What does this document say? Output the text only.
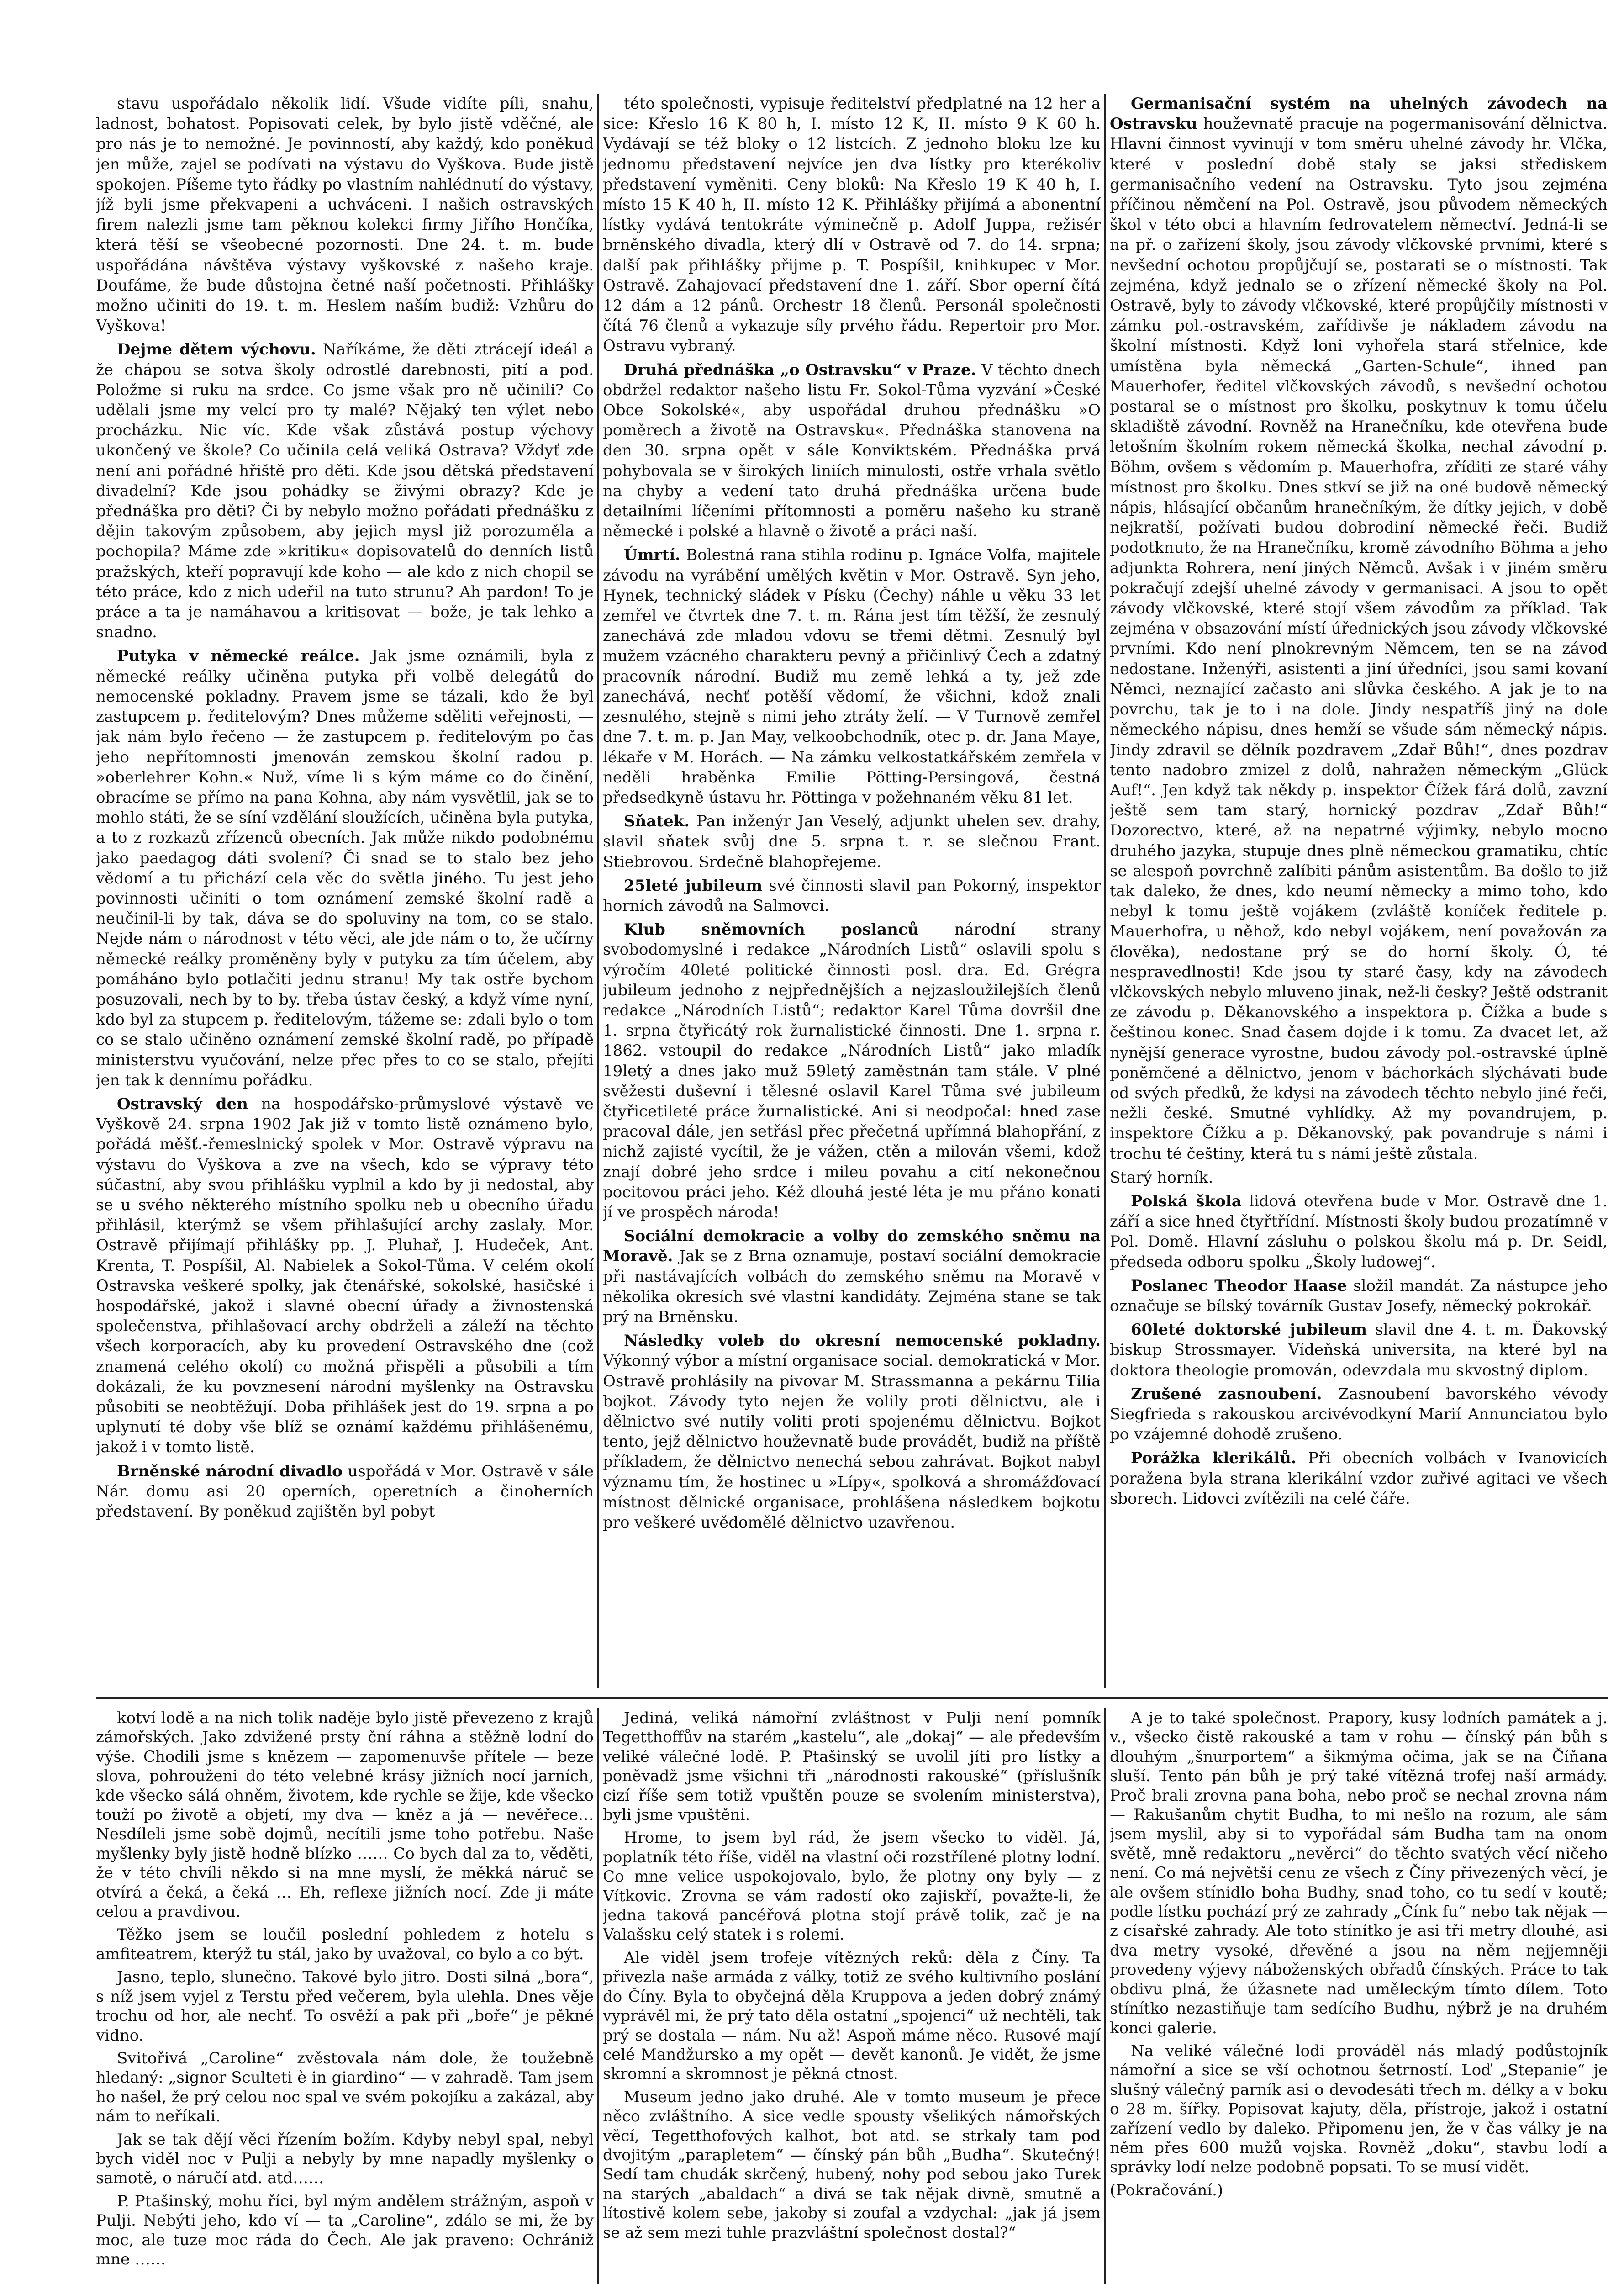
stavu uspořádalo několik lidí. Všude vidíte píli, snahu, ladnost, bohatost. Popisovati celek, by bylo jistě vděčné, ale pro nás je to nemožné. Je povinností, aby každý, kdo poněkud jen může, zajel se podívati na výstavu do Vyškova. Bude jistě spokojen. Píšeme tyto řádky po vlastním nahlédnutí do výstavy, jíž byli jsme překvapeni a uchváceni. I našich ostravských firem nalezli jsme tam pěknou kolekci firmy Jiřího Hončíka, která těší se všeobecné pozornosti. Dne 24. t. m. bude uspořádána návštěva výstavy vyškovské z našeho kraje. Doufáme, že bude důstojna četné naší početnosti. Přihlášky možno učiniti do 19. t. m. Heslem naším budiž: Vzhůru do Vyškova!

Dejme dětem výchovu. Naříkáme, že děti ztrácejí ideál a že chápou se sotva školy odrostlé darebnosti, pití a pod. Položme si ruku na srdce. Co jsme však pro ně učinili? Co udělali jsme my velcí pro ty malé? Nějaký ten výlet nebo procházku. Nic víc. Kde však zůstává postup výchovy ukončený ve škole? Co učinila celá veliká Ostrava? Vždyť zde není ani pořádné hřiště pro děti. Kde jsou dětská představení divadelní? Kde jsou pohádky se živými obrazy? Kde je přednáška pro děti? Či by nebylo možno pořádati přednášku z dějin takovým způsobem, aby jejich mysl již porozuměla a pochopila? Máme zde »kritiku« dopisovatelů do denních listů pražských, kteří popravují kde koho — ale kdo z nich chopil se této práce, kdo z nich udeřil na tuto strunu? Ah pardon! To je práce a ta je namáhavou a kritisovat — bože, je tak lehko a snadno.

Putyka v německé reálce. Jak jsme oznámili, byla z německé reálky učiněna putyka při volbě delegátů do nemocenské pokladny. Pravem jsme se tázali, kdo že byl zastupcem p. ředitelovým? Dnes můžeme sděliti veřejnosti, — jak nám bylo řečeno — že zastupcem p. ředitelovým po čas jeho nepřítomnosti jmenován zemskou školní radou p. »oberlehrer Kohn.« Nuž, víme li s kým máme co do činění, obracíme se přímo na pana Kohna, aby nám vysvětlil, jak se to mohlo státi, že se síní vzdělání sloužících, učiněna byla putyka, a to z rozkazů zřízenců obecních. Jak může nikdo podobnému jako paedagog dáti svolení? Či snad se to stalo bez jeho vědomí a tu přichází cela věc do světla jiného. Tu jest jeho povinnosti učiniti o tom oznámení zemské školní radě a neučinil-li by tak, dáva se do spoluviny na tom, co se stalo. Nejde nám o národnost v této věci, ale jde nám o to, že učírny německé reálky proměněny byly v putyku za tím účelem, aby pomáháno bylo potlačiti jednu stranu! My tak ostře bychom posuzovali, nech by to by. třeba ústav český, a když víme nyní, kdo byl za stupcem p. ředitelovým, tážeme se: zdali bylo o tom co se stalo učiněno oznámení zemské školní radě, po případě ministerstvu vyučování, nelze přec přes to co se stalo, přejíti jen tak k dennímu pořádku.

Ostravský den na hospodářsko-průmyslové výstavě ve Vyškově 24. srpna 1902 Jak již v tomto listě oznámeno bylo, pořádá měšť.-řemeslnický spolek v Mor. Ostravě výpravu na výstavu do Vyškova a zve na všech, kdo se výpravy této súčastní, aby svou přihlášku vyplnil a kdo by ji nedostal, aby se u svého některého místního spolku neb u obecního úřadu přihlásil, kterýmž se všem přihlašující archy zaslaly. Mor. Ostravě přijímají přihlášky pp. J. Pluhař, J. Hudeček, Ant. Krenta, T. Pospíšil, Al. Nabielek a Sokol-Tůma. V celém okolí Ostravska veškeré spolky, jak čtenářské, sokolské, hasičské i hospodářské, jakož i slavné obecní úřady a živnostenská společenstva, přihlašovací archy obdrželi a záleží na těchto všech korporacích, aby ku provedení Ostravského dne (což znamená celého okolí) co možná přispěli a působili a tím dokázali, že ku povznesení národní myšlenky na Ostravsku působiti se neobtěžují. Doba přihlášek jest do 19. srpna a po uplynutí té doby vše blíž se oznámí každému přihlášenému, jakož i v tomto listě.

Brněnské národní divadlo uspořádá v Mor. Ostravě v sále Nár. domu asi 20 operních, operetních a činoherních představení. By poněkud zajištěn byl pobyt

této společnosti, vypisuje ředitelství předplatné na 12 her a sice: Křeslo 16 K 80 h, I. místo 12 K, II. místo 9 K 60 h. Vydávají se též bloky o 12 lístcích. Z jednoho bloku lze ku jednomu představení nejvíce jen dva lístky pro kterékoliv představení vyměniti. Ceny bloků: Na Křeslo 19 K 40 h, I. místo 15 K 40 h, II. místo 12 K. Přihlášky přijímá a abonentní lístky vydává tentokráte výminečně p. Adolf Juppa, režisér brněnského divadla, který dlí v Ostravě od 7. do 14. srpna; další pak přihlášky přijme p. T. Pospíšil, knihkupec v Mor. Ostravě. Zahajovací představení dne 1. září. Sbor operní čítá 12 dám a 12 pánů. Orchestr 18 členů. Personál společnosti čítá 76 členů a vykazuje síly prvého řádu. Repertoir pro Mor. Ostravu vybraný.

Druhá přednáška „o Ostravsku“ v Praze. V těchto dnech obdržel redaktor našeho listu Fr. Sokol-Tůma vyzvání »České Obce Sokolské«, aby uspořádal druhou přednášku »O poměrech a životě na Ostravsku«. Přednáška stanovena na den 30. srpna opět v sále Konviktském. Přednáška prvá pohybovala se v širokých liniích minulosti, ostře vrhala světlo na chyby a vedení tato druhá přednáška určena bude detailními líčeními přítomnosti a poměru našeho ku straně německé i polské a hlavně o životě a práci naší.

Úmrtí. Bolestná rana stihla rodinu p. Ignáce Volfa, majitele závodu na vyrábění umělých květin v Mor. Ostravě. Syn jeho, Hynek, technický sládek v Písku (Čechy) náhle u věku 33 let zemřel ve čtvrtek dne 7. t. m. Rána jest tím těžší, že zesnulý zanechává zde mladou vdovu se třemi dětmi. Zesnulý byl mužem vzácného charakteru pevný a přičinlivý Čech a zdatný pracovník národní. Budiž mu země lehká a ty, jež zde zanechává, nechť potěší vědomí, že všichni, kdož znali zesnulého, stejně s nimi jeho ztráty želí. — V Turnově zemřel dne 7. t. m. p. Jan May, velkoobchodník, otec p. dr. Jana Maye, lékaře v M. Horách. — Na zámku velkostatkářském zemřela v neděli hraběnka Emilie Pötting-Persingová, čestná předsedkyně ústavu hr. Pöttinga v požehnaném věku 81 let.

Sňatek. Pan inženýr Jan Veselý, adjunkt uhelen sev. drahy, slavil sňatek svůj dne 5. srpna t. r. se slečnou Frant. Stiebrovou. Srdečně blahopřejeme.

25leté jubileum své činnosti slavil pan Pokorný, inspektor horních závodů na Salmovci.

Klub sněmovních poslanců národní strany svobodomyslné i redakce „Národních Listů“ oslavili spolu s výročím 40leté politické činnosti posl. dra. Ed. Grégra jubileum jednoho z nejpřednějších a nejzasloužilejších členů redakce „Národních Listů“; redaktor Karel Tůma dovršil dne 1. srpna čtyřicátý rok žurnalistické činnosti. Dne 1. srpna r. 1862. vstoupil do redakce „Národních Listů“ jako mladík 19letý a dnes jako muž 59letý zaměstnán tam stále. V plné svěžesti duševní i tělesné oslavil Karel Tůma své jubileum čtyřicetileté práce žurnalistické. Ani si neodpočal: hned zase pracoval dále, jen setřásl přec přečetná upřímná blahopřání, z nichž zajisté vycítil, že je vážen, ctěn a milován všemi, kdož znají dobré jeho srdce i mileu povahu a cití nekonečnou pocitovou práci jeho. Kéž dlouhá jesté léta je mu přáno konati jí ve prospěch národa!

Sociální demokracie a volby do zemského sněmu na Moravě. Jak se z Brna oznamuje, postaví sociální demokracie při nastávajících volbách do zemského sněmu na Moravě v několika okresích své vlastní kandidáty. Zejména stane se tak prý na Brněnsku.

Následky voleb do okresní nemocenské pokladny. Výkonný výbor a místní organisace social. demokratická v Mor. Ostravě prohlásily na pivovar M. Strassmanna a pekárnu Tilia bojkot. Závody tyto nejen že volily proti dělnictvu, ale i dělnictvo své nutily voliti proti spojenému dělnictvu. Bojkot tento, jejž dělnictvo houževnatě bude provádět, budiž na příště příkladem, že dělnictvo nenechá sebou zahrávat. Bojkot nabyl významu tím, že hostinec u »Lípy«, spolková a shromážďovací místnost dělnické organisace, prohlášena následkem bojkotu pro veškeré uvědomělé dělnictvo uzavřenou.

Germanisační systém na uhelných závodech na Ostravsku houževnatě pracuje na pogermanisování dělnictva. Hlavní činnost vyvinují v tom směru uhelné závody hr. Vlčka, které v poslední době staly se jaksi střediskem germanisačního vedení na Ostravsku. Tyto jsou zejména příčinou němčení na Pol. Ostravě, jsou původem německých škol v této obci a hlavním fedrovatelem němectví. Jedná-li se na př. o zařízení školy, jsou závody vlčkovské prvními, které s nevšední ochotou propůjčují se, postarati se o místnosti. Tak zejména, když jednalo se o zřízení německé školy na Pol. Ostravě, byly to závody vlčkovské, které propůjčily místnosti v zámku pol.-ostravském, zařídivše je nákladem závodu na školní místnosti. Když loni vyhořela stará střelnice, kde umístěna byla německá „Garten-Schule“, ihned pan Mauerhofer, ředitel vlčkovských závodů, s nevšední ochotou postaral se o místnost pro školku, poskytnuv k tomu účelu skladiště závodní. Rovněž na Hranečníku, kde otevřena bude letošním školním rokem německá školka, nechal závodní p. Böhm, ovšem s vědomím p. Mauerhofra, zříditi ze staré váhy místnost pro školku. Dnes stkví se již na oné budově německý nápis, hlásající občanům hranečníkým, že dítky jejich, v době nejkratší, požívati budou dobrodiní německé řeči. Budiž podotknuto, že na Hranečníku, kromě závodního Böhma a jeho adjunkta Rohrera, není jiných Němců. Avšak i v jiném směru pokračují zdejší uhelné závody v germanisaci. A jsou to opět závody vlčkovské, které stojí všem závodům za příklad. Tak zejména v obsazování místí úřednických jsou závody vlčkovské prvními. Kdo není plnokrevným Němcem, ten se na závod nedostane. Inženýři, asistenti a jiní úředníci, jsou sami kovaní Němci, neznající začasto ani slůvka českého. A jak je to na povrchu, tak je to i na dole. Jindy nespatříš jiný na dole německého nápisu, dnes hemží se všude sám německý nápis. Jindy zdravil se dělník pozdravem „Zdař Bůh!“, dnes pozdrav tento nadobro zmizel z dolů, nahražen německým „Glück Auf!“. Jen když tak někdy p. inspektor Čížek fárá dolů, zavzní ještě sem tam starý, hornický pozdrav „Zdař Bůh!“ Dozorectvo, které, až na nepatrné výjimky, nebylo mocno druhého jazyka, stupuje dnes plně německou gramatiku, chtíc se alespoň povrchně zalíbiti pánům asistentům. Ba došlo to již tak daleko, že dnes, kdo neumí německy a mimo toho, kdo nebyl k tomu ještě vojákem (zvláště koníček ředitele p. Mauerhofra, u něhož, kdo nebyl vojákem, není považován za člověka), nedostane prý se do horní školy. Ó, té nespravedlnosti! Kde jsou ty staré časy, kdy na závodech vlčkovských nebylo mluveno jinak, než-li česky? Ještě odstranit ze závodu p. Děkanovského a inspektora p. Čížka a bude s češtinou konec. Snad časem dojde i k tomu. Za dvacet let, až nynější generace vyrostne, budou závody pol.-ostravské úplně poněmčené a dělnictvo, jenom v báchorkách slýchávati bude od svých předků, že kdysi na závodech těchto nebylo jiné řeči, nežli české. Smutné vyhlídky. Až my povandrujem, p. inspektore Čížku a p. Děkanovský, pak povandruje s námi i trochu té češtiny, která tu s námi ještě zůstala.

Starý horník.

Polská škola lidová otevřena bude v Mor. Ostravě dne 1. září a sice hned čtyřtřídní. Místnosti školy budou prozatímně v Pol. Domě. Hlavní zásluhu o polskou školu má p. Dr. Seidl, předseda odboru spolku „Školy ludowej“.

Poslanec Theodor Haase složil mandát. Za nástupce jeho označuje se bílský továrník Gustav Josefy, německý pokrokář.

60leté doktorské jubileum slavil dne 4. t. m. Ďakovský biskup Strossmayer. Vídeňská universita, na které byl na doktora theologie promován, odevzdala mu skvostný diplom.

Zrušené zasnoubení. Zasnoubení bavorského vévody Siegfrieda s rakouskou arcivévodkyní Marií Annunciatou bylo po vzájemné dohodě zrušeno.

Porážka klerikálů. Při obecních volbách v Ivanovicích poražena byla strana klerikální vzdor zuřivé agitaci ve všech sborech. Lidovci zvítězili na celé čáře.

kotví lodě a na nich tolik naděje bylo jistě převezeno z krajů zámořských. Jako zdvižené prsty ční ráhna a stěžně lodní do výše. Chodili jsme s knězem — zapomenuvše přítele — beze slova, pohrouženi do této velebné krásy jižních nocí jarních, kde všecko sálá ohněm, životem, kde rychle se žije, kde všecko touží po životě a objetí, my dva — kněz a já — nevěřece… Nesdíleli jsme sobě dojmů, necítili jsme toho potřebu. Naše myšlenky byly jistě hodně blízko …… Co bych dal za to, věděti, že v této chvíli někdo si na mne myslí, že měkká náruč se otvírá a čeká, a čeká … Eh, reflexe jižních nocí. Zde ji máte celou a pravdivou.

Těžko jsem se loučil poslední pohledem z hotelu s amfiteatrem, kterýž tu stál, jako by uvažoval, co bylo a co být.

Jasno, teplo, slunečno. Takové bylo jitro. Dosti silná „bora“, s níž jsem vyjel z Terstu před večerem, byla ulehla. Dnes věje trochu od hor, ale nechť. To osvěží a pak při „boře“ je pěkné vidno.

Svitořivá „Caroline“ zvěstovala nám dole, že toužebně hledaný: „signor Sculteti è in giardino“ — v zahradě. Tam jsem ho našel, že prý celou noc spal ve svém pokojíku a zakázal, aby nám to neříkali.

Jak se tak dějí věci řízením božím. Kdyby nebyl spal, nebyl bych viděl noc v Pulji a nebyly by mne napadly myšlenky o samotě, o náručí atd. atd……

P. Ptašinský, mohu říci, byl mým andělem strážným, aspoň v Pulji. Nebýti jeho, kdo ví — ta „Caroline“, zdálo se mi, že by moc, ale tuze moc ráda do Čech. Ale jak praveno: Ochrániž mne ……

Jediná, veliká námořní zvláštnost v Pulji není pomník Tegetthoffův na starém „kastelu“, ale „dokaj“ — ale především veliké válečné lodě. P. Ptašinský se uvolil jíti pro lístky a poněvadž jsme všichni tři „národnosti rakouské“ (příslušník cizí říše sem totiž vpuštěn pouze se svolením ministerstva), byli jsme vpuštěni.

Hrome, to jsem byl rád, že jsem všecko to viděl. Já, poplatník této říše, viděl na vlastní oči rozstřílené plotny lodní. Co mne velice uspokojovalo, bylo, že plotny ony byly — z Vítkovic. Zrovna se vám radostí oko zajiskří, považte-li, že jedna taková pancéřová plotna stojí právě tolik, zač je na Valašsku celý statek i s rolemi.

Ale viděl jsem trofeje vítězných reků: děla z Číny. Ta přivezla naše armáda z války, totiž ze svého kultivního poslání do Číny. Byla to obyčejná děla Kruppova a jeden dobrý známý vyprávěl mi, že prý tato děla ostatní „spojenci“ už nechtěli, tak prý se dostala — nám. Nu až! Aspoň máme něco. Rusové mají celé Mandžursko a my opět — devět kanonů. Je vidět, že jsme skromní a skromnost je pěkná ctnost.

Museum jedno jako druhé. Ale v tomto museum je přece něco zvláštního. A sice vedle spousty všelikých námořských věcí, Tegetthofových kalhot, bot atd. se strkaly tam pod dvojitým „parapletem“ — čínský pán bůh „Budha“. Skutečný! Sedí tam chudák skrčený, hubený, nohy pod sebou jako Turek na starých „abaldach“ a divá se tak nějak divně, smutně a lítostivě kolem sebe, jakoby si zoufal a vzdychal: „jak já jsem se až sem mezi tuhle prazvláštní společnost dostal?“

A je to také společnost. Prapory, kusy lodních památek a j. v., všecko čistě rakouské a tam v rohu — čínský pán bůh s dlouhým „šnurportem“ a šikmýma očima, jak se na Číňana sluší. Tento pán bůh je prý také vítězná trofej naší armády. Proč brali zrovna pana boha, nebo proč se nechal zrovna nám — Rakušanům chytit Budha, to mi nešlo na rozum, ale sám jsem myslil, aby si to vypořádal sám Budha tam na onom světě, mně redaktoru „nevěrci“ do těchto svatých věcí ničeho není. Co má největší cenu ze všech z Číny přivezených věcí, je ale ovšem stínidlo boha Budhy, snad toho, co tu sedí v koutě; podle lístku pochází prý ze zahrady „Čínk fu“ nebo tak nějak — z císařské zahrady. Ale toto stínítko je asi tři metry dlouhé, asi dva metry vysoké, dřevěné a jsou na něm nejjemněji provedeny výjevy náboženských obřadů čínských. Práce to tak obdivu plná, že úžasnete nad uměleckým tímto dílem. Toto stínítko nezastiňuje tam sedícího Budhu, nýbrž je na druhém konci galerie.

Na veliké válečné lodi prováděl nás mladý podůstojník námořní a sice se vší ochotnou šetrností. Loď „Stepanie“ je slušný válečný parník asi o devodesáti třech m. délky a v boku o 28 m. šířky. Popisovat kajuty, děla, přístroje, jakož i ostatní zařízení vedlo by daleko. Připomenu jen, že v čas války je na něm přes 600 mužů vojska. Rovněž „doku“, stavbu lodí a správky lodí nelze podobně popsati. To se musí vidět.

(Pokračování.)
